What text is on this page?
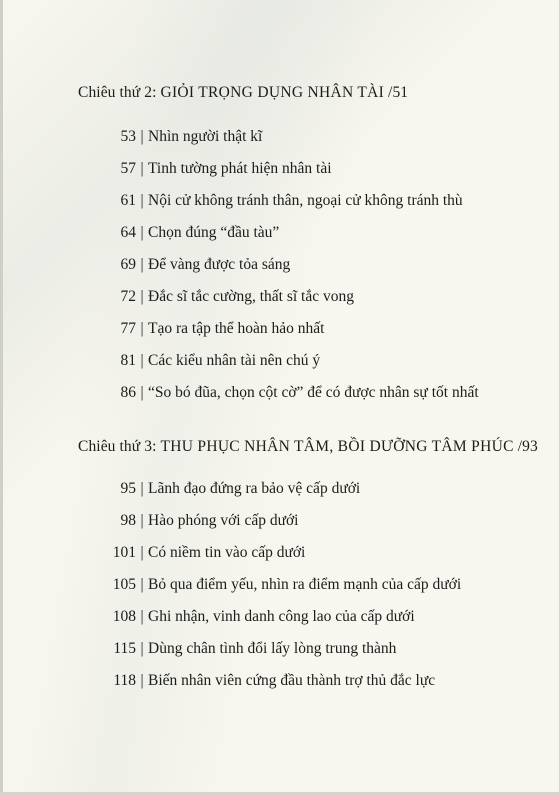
Chiêu thứ 2: GIỎI TRỌNG DỤNG NHÂN TÀI /51
53 | Nhìn người thật kĩ
57 | Tinh tường phát hiện nhân tài
61 | Nội cử không tránh thân, ngoại cử không tránh thù
64 | Chọn đúng “đầu tàu”
69 | Để vàng được tỏa sáng
72 | Đắc sĩ tắc cường, thất sĩ tắc vong
77 | Tạo ra tập thể hoàn hảo nhất
81 | Các kiểu nhân tài nên chú ý
86 | “So bó đũa, chọn cột cờ” để có được nhân sự tốt nhất
Chiêu thứ 3: THU PHỤC NHÂN TÂM, BỒI DƯỠNG TÂM PHÚC /93
95 | Lãnh đạo đứng ra bảo vệ cấp dưới
98 | Hào phóng với cấp dưới
101 | Có niềm tin vào cấp dưới
105 | Bỏ qua điểm yếu, nhìn ra điểm mạnh của cấp dưới
108 | Ghi nhận, vinh danh công lao của cấp dưới
115 | Dùng chân tình đổi lấy lòng trung thành
118 | Biến nhân viên cứng đầu thành trợ thủ đắc lực
